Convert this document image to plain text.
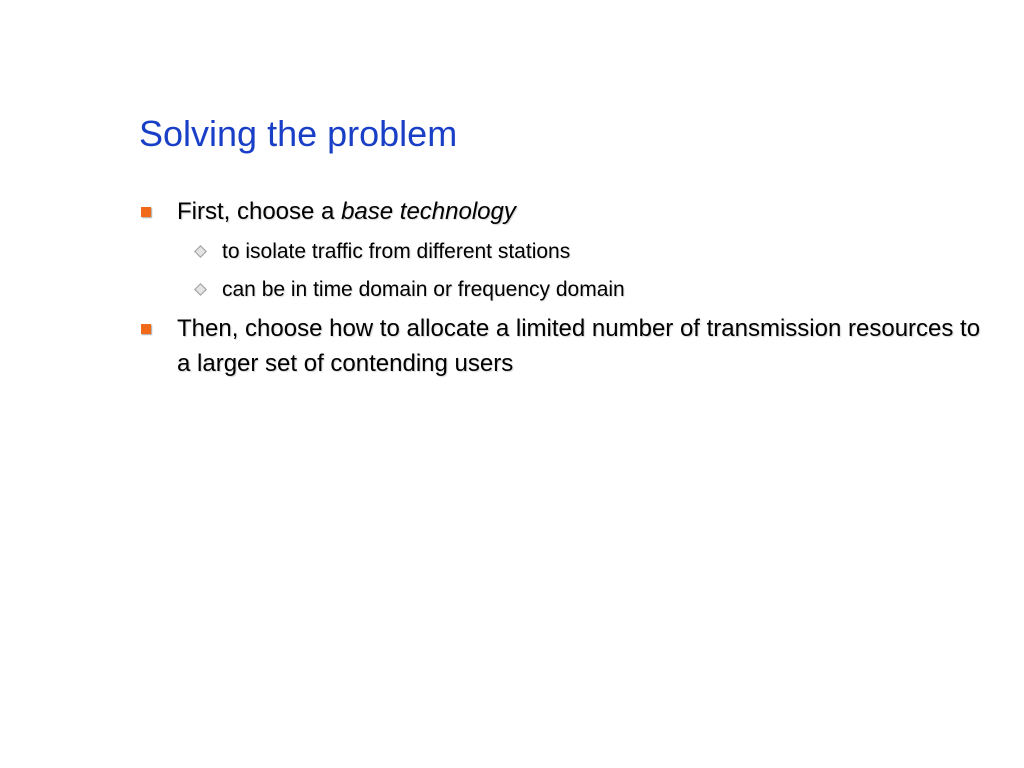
Solving the problem
First, choose a base technology
to isolate traffic from different stations
can be in time domain or frequency domain
Then, choose how to allocate a limited number of transmission resources to a larger set of contending users
